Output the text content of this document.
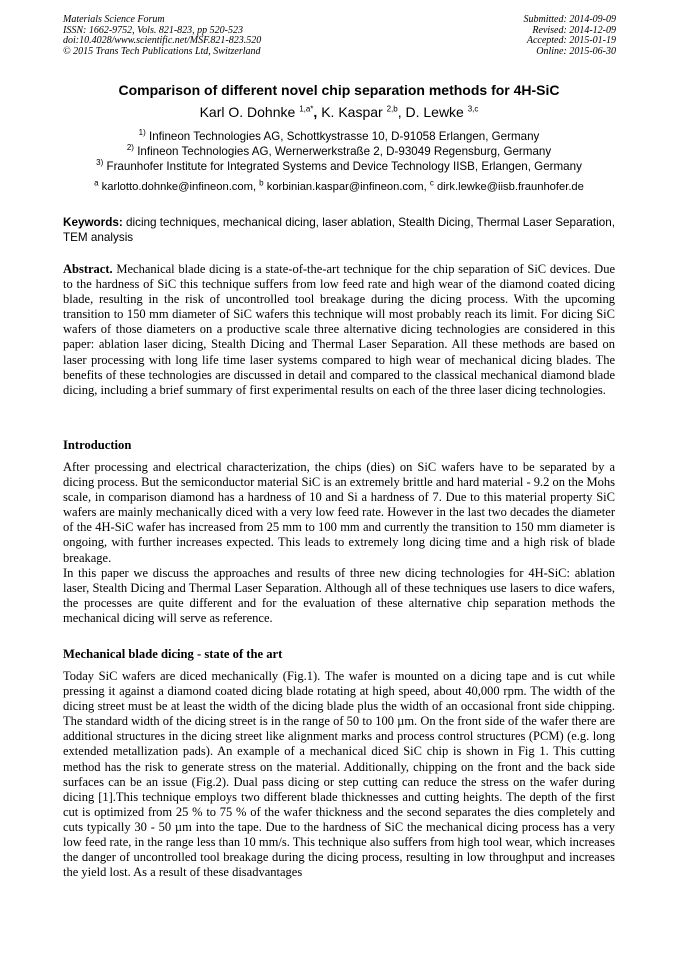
Materials Science Forum
ISSN: 1662-9752, Vols. 821-823, pp 520-523
doi:10.4028/www.scientific.net/MSF.821-823.520
© 2015 Trans Tech Publications Ltd, Switzerland
Submitted: 2014-09-09
Revised: 2014-12-09
Accepted: 2015-01-19
Online: 2015-06-30
Comparison of different novel chip separation methods for 4H-SiC
Karl O. Dohnke $^{1,a*}$, K. Kaspar $^{2,b}$, D. Lewke $^{3,c}$
$^{1)}$ Infineon Technologies AG, Schottkystrasse 10, D-91058 Erlangen, Germany
$^{2)}$ Infineon Technologies AG, Wernerwerkstraße 2, D-93049 Regensburg, Germany
$^{3)}$ Fraunhofer Institute for Integrated Systems and Device Technology IISB, Erlangen, Germany
$^a$ karlotto.dohnke@infineon.com, $^b$ korbinian.kaspar@infineon.com, $^c$ dirk.lewke@iisb.fraunhofer.de
Keywords: dicing techniques, mechanical dicing, laser ablation, Stealth Dicing, Thermal Laser Separation, TEM analysis

Abstract. Mechanical blade dicing is a state-of-the-art technique for the chip separation of SiC devices. Due to the hardness of SiC this technique suffers from low feed rate and high wear of the diamond coated dicing blade, resulting in the risk of uncontrolled tool breakage during the dicing process. With the upcoming transition to 150 mm diameter of SiC wafers this technique will most probably reach its limit. For dicing SiC wafers of those diameters on a productive scale three alternative dicing technologies are considered in this paper: ablation laser dicing, Stealth Dicing and Thermal Laser Separation. All these methods are based on laser processing with long life time laser systems compared to high wear of mechanical dicing blades. The benefits of these technologies are discussed in detail and compared to the classical mechanical diamond blade dicing, including a brief summary of first experimental results on each of the three laser dicing technologies.

Introduction

After processing and electrical characterization, the chips (dies) on SiC wafers have to be separated by a dicing process. But the semiconductor material SiC is an extremely brittle and hard material - 9.2 on the Mohs scale, in comparison diamond has a hardness of 10 and Si a hardness of 7. Due to this material property SiC wafers are mainly mechanically diced with a very low feed rate. However in the last two decades the diameter of the 4H-SiC wafer has increased from 25 mm to 100 mm and currently the transition to 150 mm diameter is ongoing, with further increases expected. This leads to extremely long dicing time and a high risk of blade breakage.

In this paper we discuss the approaches and results of three new dicing technologies for 4H-SiC: ablation laser, Stealth Dicing and Thermal Laser Separation. Although all of these techniques use lasers to dice wafers, the processes are quite different and for the evaluation of these alternative chip separation methods the mechanical dicing will serve as reference.

Mechanical blade dicing - state of the art

Today SiC wafers are diced mechanically (Fig.1). The wafer is mounted on a dicing tape and is cut while pressing it against a diamond coated dicing blade rotating at high speed, about 40,000 rpm. The width of the dicing street must be at least the width of the dicing blade plus the width of an occasional front side chipping. The standard width of the dicing street is in the range of 50 to 100 µm. On the front side of the wafer there are additional structures in the dicing street like alignment marks and process control structures (PCM) (e.g. long extended metallization pads). An example of a mechanical diced SiC chip is shown in Fig 1. This cutting method has the risk to generate stress on the material. Additionally, chipping on the front and the back side surfaces can be an issue (Fig.2). Dual pass dicing or step cutting can reduce the stress on the wafer during dicing [1].This technique employs two different blade thicknesses and cutting heights. The depth of the first cut is optimized from 25 % to 75 % of the wafer thickness and the second separates the dies completely and cuts typically 30 - 50 µm into the tape. Due to the hardness of SiC the mechanical dicing process has a very low feed rate, in the range less than 10 mm/s. This technique also suffers from high tool wear, which increases the danger of uncontrolled tool breakage during the dicing process, resulting in low throughput and increases the yield lost. As a result of these disadvantages
